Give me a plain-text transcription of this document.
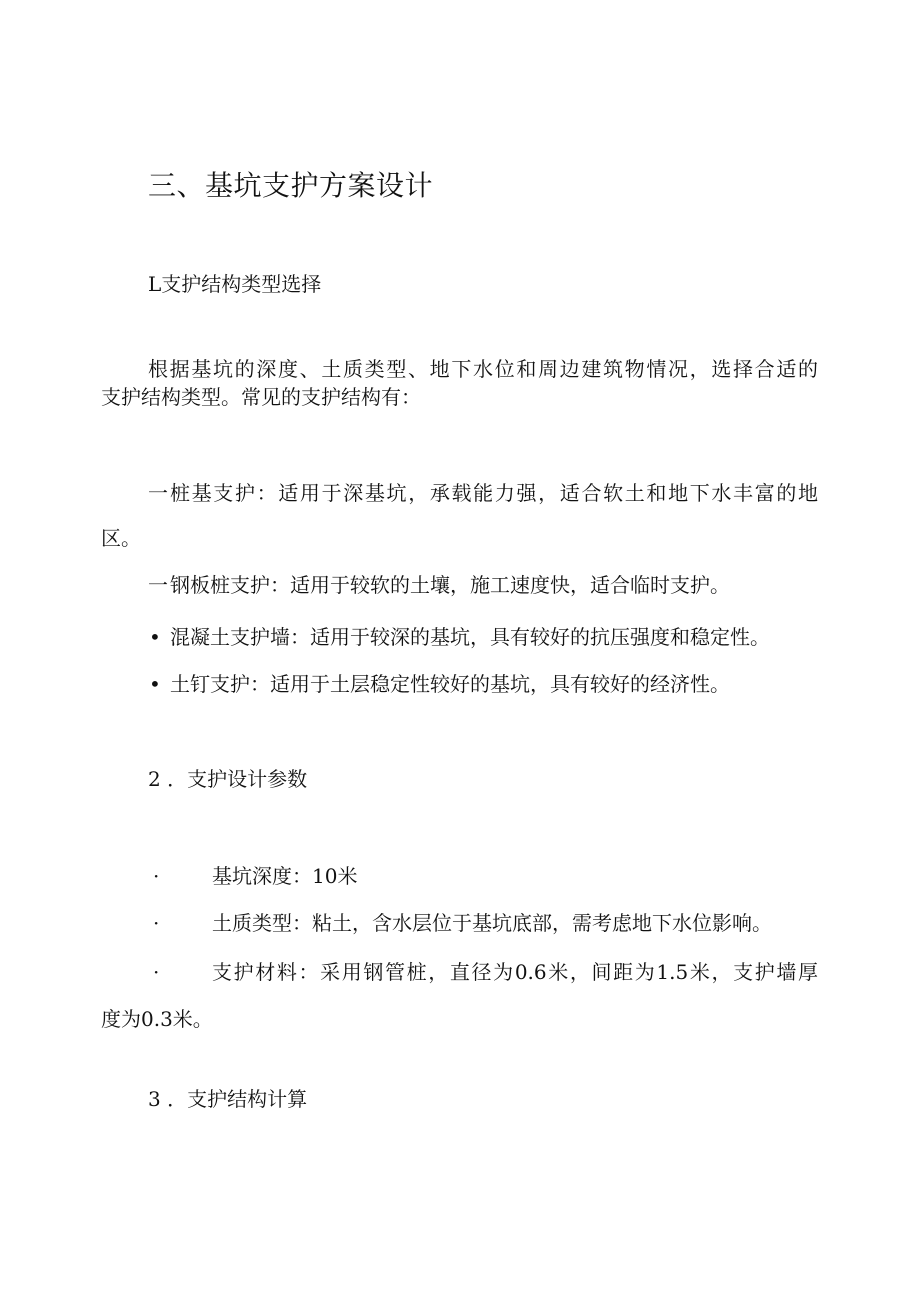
三、基坑支护方案设计

L支护结构类型选择

根据基坑的深度、土质类型、地下水位和周边建筑物情况，选择合适的

支护结构类型。常见的支护结构有：

一 桩基支护：适用于深基坑，承载能力强，适合软土和地下水丰富的地

区。

一 钢板桩支护：适用于较软的土壤，施工速度快，适合临时支护。

• 混凝土支护墙：适用于较深的基坑，具有较好的抗压强度和稳定性。

• 土钉支护：适用于土层稳定性较好的基坑，具有较好的经济性。

2 ．支护设计参数

·	基坑深度：10米

·	土质类型：粘土，含水层位于基坑底部，需考虑地下水位影响。

·	支护材料：采用钢管桩，直径为0.6米，间距为1.5米，支护墙厚

度为0.3米。

3 ．支护结构计算
